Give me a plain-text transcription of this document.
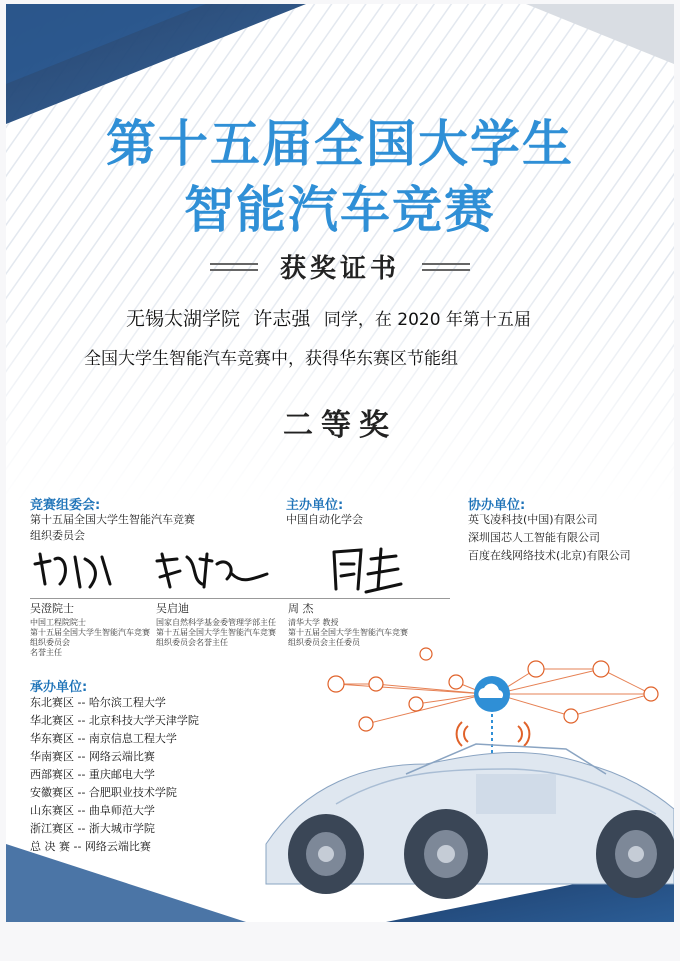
第十五届全国大学生
智能汽车竞赛
获奖证书
无锡太湖学院 许志强 同学，在 2020 年第十五届
全国大学生智能汽车竞赛中，获得华东赛区节能组
二等奖
竞赛组委会:
第十五届全国大学生智能汽车竞赛
组织委员会
主办单位:
中国自动化学会
协办单位:
英飞凌科技(中国)有限公司
深圳国芯人工智能有限公司
百度在线网络技术(北京)有限公司
吴澄院士
中国工程院院士
第十五届全国大学生智能汽车竞赛
组织委员会
名誉主任
吴启迪
国家自然科学基金委管理学部主任
第十五届全国大学生智能汽车竞赛
组织委员会名誉主任
周 杰
清华大学 教授
第十五届全国大学生智能汽车竞赛
组织委员会主任委员
承办单位:
东北赛区 -- 哈尔滨工程大学
华北赛区 -- 北京科技大学天津学院
华东赛区 -- 南京信息工程大学
华南赛区 -- 网络云端比赛
西部赛区 -- 重庆邮电大学
安徽赛区 -- 合肥职业技术学院
山东赛区 -- 曲阜师范大学
浙江赛区 -- 浙大城市学院
总 决 赛 -- 网络云端比赛
